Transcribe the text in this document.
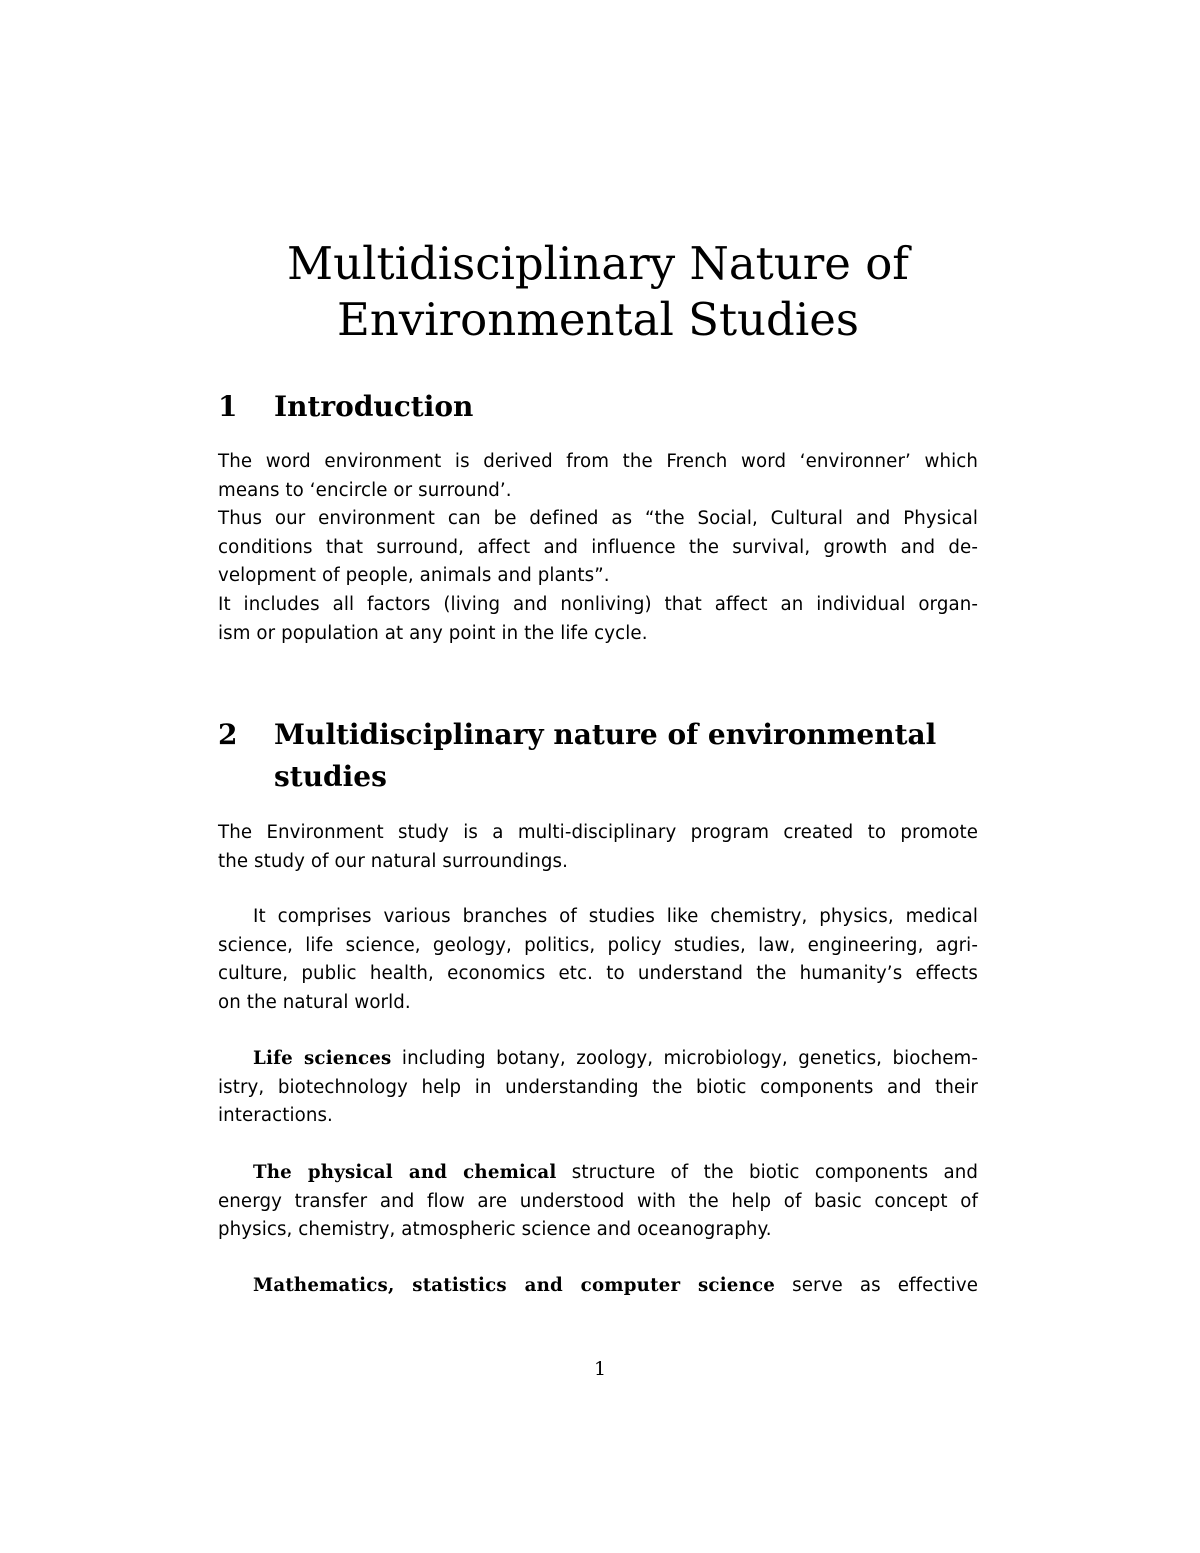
Multidisciplinary Nature of
Environmental Studies
1 Introduction
The word environment is derived from the French word ‘environner’ which
means to ‘encircle or surround’.
Thus our environment can be defined as “the Social, Cultural and Physical
conditions that surround, affect and influence the survival, growth and de-
velopment of people, animals and plants”.
It includes all factors (living and nonliving) that affect an individual organ-
ism or population at any point in the life cycle.
2 Multidisciplinary nature of environmental
studies
The Environment study is a multi-disciplinary program created to promote
the study of our natural surroundings.
It comprises various branches of studies like chemistry, physics, medical
science, life science, geology, politics, policy studies, law, engineering, agri-
culture, public health, economics etc. to understand the humanity’s effects
on the natural world.
Life sciences including botany, zoology, microbiology, genetics, biochem-
istry, biotechnology help in understanding the biotic components and their
interactions.
The physical and chemical structure of the biotic components and
energy transfer and flow are understood with the help of basic concept of
physics, chemistry, atmospheric science and oceanography.
Mathematics, statistics and computer science serve as effective
1
